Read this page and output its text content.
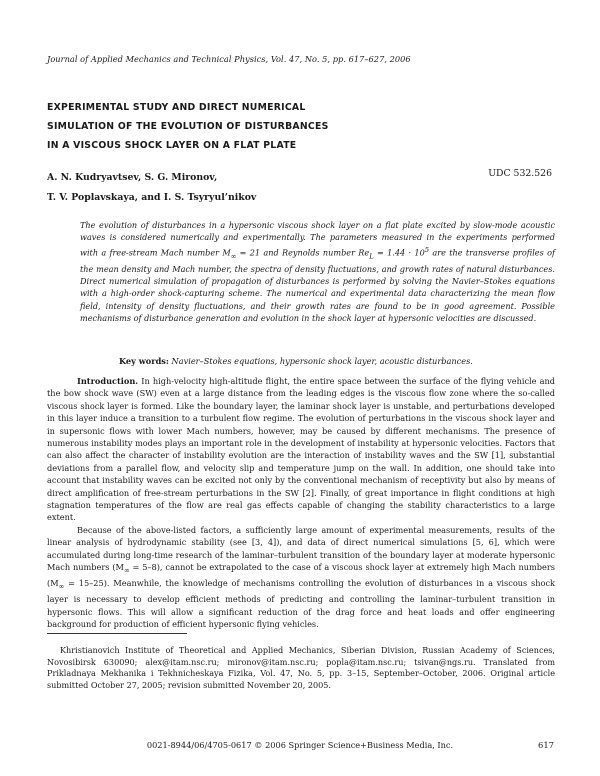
Journal of Applied Mechanics and Technical Physics, Vol. 47, No. 5, pp. 617–627, 2006
EXPERIMENTAL STUDY AND DIRECT NUMERICAL
SIMULATION OF THE EVOLUTION OF DISTURBANCES
IN A VISCOUS SHOCK LAYER ON A FLAT PLATE
A. N. Kudryavtsev, S. G. Mironov,
T. V. Poplavskaya, and I. S. Tsyryul’nikov
UDC 532.526

The evolution of disturbances in a hypersonic viscous shock layer on a flat plate excited by slow-mode acoustic waves is considered numerically and experimentally. The parameters measured in the experiments performed with a free-stream Mach number $M_\infty = 21$ and Reynolds number $Re_L = 1.44 \cdot 10^5$ are the transverse profiles of the mean density and Mach number, the spectra of density fluctuations, and growth rates of natural disturbances. Direct numerical simulation of propagation of disturbances is performed by solving the Navier–Stokes equations with a high-order shock-capturing scheme. The numerical and experimental data characterizing the mean flow field, intensity of density fluctuations, and their growth rates are found to be in good agreement. Possible mechanisms of disturbance generation and evolution in the shock layer at hypersonic velocities are discussed.

Key words: Navier–Stokes equations, hypersonic shock layer, acoustic disturbances.

Introduction. In high-velocity high-altitude flight, the entire space between the surface of the flying vehicle and the bow shock wave (SW) even at a large distance from the leading edges is the viscous flow zone where the so-called viscous shock layer is formed. Like the boundary layer, the laminar shock layer is unstable, and perturbations developed in this layer induce a transition to a turbulent flow regime. The evolution of perturbations in the viscous shock layer and in supersonic flows with lower Mach numbers, however, may be caused by different mechanisms. The presence of numerous instability modes plays an important role in the development of instability at hypersonic velocities. Factors that can also affect the character of instability evolution are the interaction of instability waves and the SW [1], substantial deviations from a parallel flow, and velocity slip and temperature jump on the wall. In addition, one should take into account that instability waves can be excited not only by the conventional mechanism of receptivity but also by means of direct amplification of free-stream perturbations in the SW [2]. Finally, of great importance in flight conditions at high stagnation temperatures of the flow are real gas effects capable of changing the stability characteristics to a large extent.

Because of the above-listed factors, a sufficiently large amount of experimental measurements, results of the linear analysis of hydrodynamic stability (see [3, 4]), and data of direct numerical simulations [5, 6], which were accumulated during long-time research of the laminar–turbulent transition of the boundary layer at moderate hypersonic Mach numbers $(M_\infty = 5-8)$, cannot be extrapolated to the case of a viscous shock layer at extremely high Mach numbers $(M_\infty = 15-25)$. Meanwhile, the knowledge of mechanisms controlling the evolution of disturbances in a viscous shock layer is necessary to develop efficient methods of predicting and controlling the laminar–turbulent transition in hypersonic flows. This will allow a significant reduction of the drag force and heat loads and offer engineering background for production of efficient hypersonic flying vehicles.

Khristianovich Institute of Theoretical and Applied Mechanics, Siberian Division, Russian Academy of Sciences, Novosibirsk 630090; alex@itam.nsc.ru; mironov@itam.nsc.ru; popla@itam.nsc.ru; tsivan@ngs.ru. Translated from Prikladnaya Mekhanika i Tekhnicheskaya Fizika, Vol. 47, No. 5, pp. 3–15, September–October, 2006. Original article submitted October 27, 2005; revision submitted November 20, 2005.

0021-8944/06/4705-0617 © 2006 Springer Science+Business Media, Inc.	617
